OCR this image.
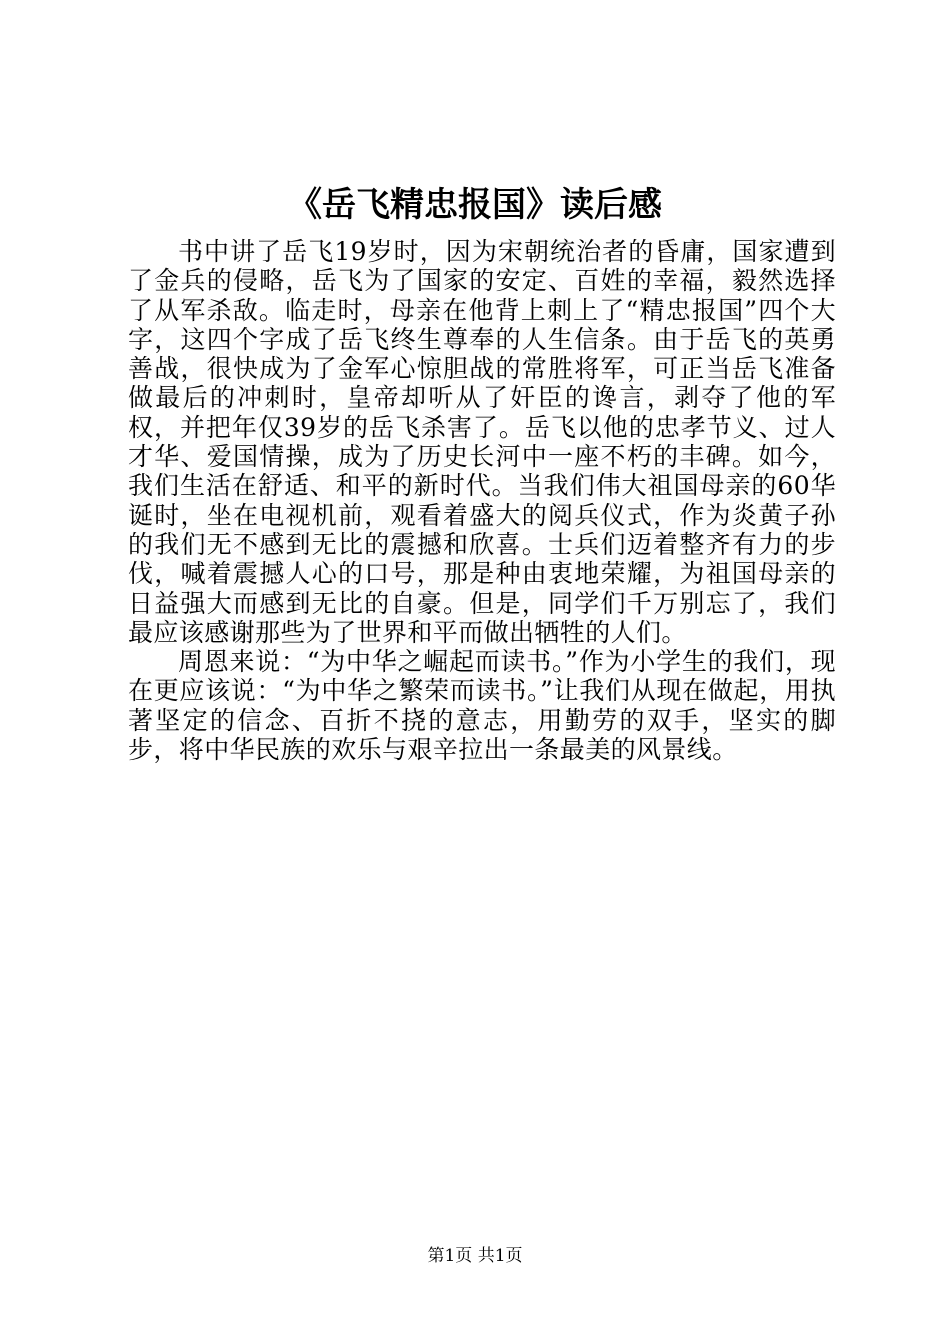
《岳飞精忠报国》读后感

书中讲了岳飞19岁时，因为宋朝统治者的昏庸，国家遭到了金兵的侵略，岳飞为了国家的安定、百姓的幸福，毅然选择了从军杀敌。临走时，母亲在他背上刺上了“精忠报国”四个大字，这四个字成了岳飞终生尊奉的人生信条。由于岳飞的英勇善战，很快成为了金军心惊胆战的常胜将军，可正当岳飞准备做最后的冲刺时，皇帝却听从了奸臣的谗言，剥夺了他的军权，并把年仅39岁的岳飞杀害了。岳飞以他的忠孝节义、过人才华、爱国情操，成为了历史长河中一座不朽的丰碑。如今，我们生活在舒适、和平的新时代。当我们伟大祖国母亲的60华诞时，坐在电视机前，观看着盛大的阅兵仪式，作为炎黄子孙的我们无不感到无比的震撼和欣喜。士兵们迈着整齐有力的步伐，喊着震撼人心的口号，那是种由衷地荣耀，为祖国母亲的日益强大而感到无比的自豪。但是，同学们千万别忘了，我们最应该感谢那些为了世界和平而做出牺牲的人们。

周恩来说：“为中华之崛起而读书。”作为小学生的我们，现在更应该说：“为中华之繁荣而读书。”让我们从现在做起，用执著坚定的信念、百折不挠的意志，用勤劳的双手，坚实的脚步，将中华民族的欢乐与艰辛拉出一条最美的风景线。

第1页 共1页
